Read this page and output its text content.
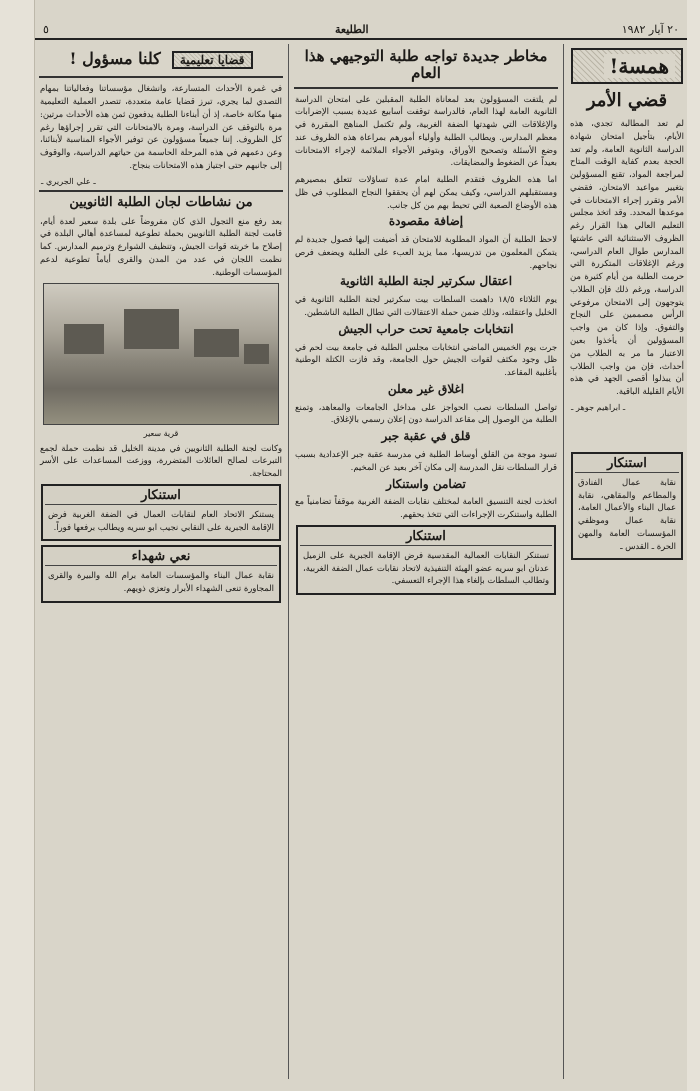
٢٠ آيار ١٩٨٢
الطليعة
٥
همسة!
قضي الأمر

لم تعد المطالبة تجدي، هذه الأيام، بتأجيل امتحان شهادة الدراسة الثانوية العامة، ولم تعد الحجة بعدم كفاية الوقت المتاح لمراجعة المواد، تقنع المسؤولين بتغيير مواعيد الامتحان، فقضي الأمر وتقرر إجراء الامتحانات في موعدها المحدد. وقد اتخذ مجلس التعليم العالي هذا القرار رغم الظروف الاستثنائية التي عاشتها المدارس طوال العام الدراسي، ورغم الإغلاقات المتكررة التي حرمت الطلبة من أيام كثيرة من الدراسة، ورغم ذلك فإن الطلاب يتوجهون إلى الامتحان مرفوعي الرأس مصممين على النجاح والتفوق. وإذا كان من واجب المسؤولين أن يأخذوا بعين الاعتبار ما مر به الطلاب من أحداث، فإن من واجب الطلاب أن يبذلوا أقصى الجهد في هذه الأيام القليلة الباقية.

ـ ابراهيم جوهر ـ

استنكار

نقابة عمال الفنادق والمطاعم والمقاهي، نقابة عمال البناء والأعمال العامة، نقابة عمال وموظفي المؤسسات العامة والمهن الحرة ـ القدس ـ

مخاطر جديدة تواجه طلبة التوجيهي هذا العام

لم يلتفت المسؤولون بعد لمعاناة الطلبة المقبلين على امتحان الدراسة الثانوية العامة لهذا العام، فالدراسة توقفت أسابيع عديدة بسبب الإضرابات والإغلاقات التي شهدتها الضفة الغربية، ولم تكتمل المناهج المقررة في معظم المدارس. ويطالب الطلبة وأولياء أمورهم بمراعاة هذه الظروف عند وضع الأسئلة وتصحيح الأوراق، وبتوفير الأجواء الملائمة لإجراء الامتحانات بعيداً عن الضغوط والمضايقات.

اما هذه الظروف فتقدم الطلبة امام عدة تساؤلات تتعلق بمصيرهم ومستقبلهم الدراسي، وكيف يمكن لهم أن يحققوا النجاح المطلوب في ظل هذه الأوضاع الصعبة التي تحيط بهم من كل جانب.

إضافة مقصودة

لاحظ الطلبة أن المواد المطلوبة للامتحان قد أضيفت إليها فصول جديدة لم يتمكن المعلمون من تدريسها، مما يزيد العبء على الطلبة ويضعف فرص نجاحهم.

اعتقال سكرتير لجنة الطلبة الثانوية

يوم الثلاثاء ١٨/٥ داهمت السلطات بيت سكرتير لجنة الطلبة الثانوية في الخليل واعتقلته، وذلك ضمن حملة الاعتقالات التي تطال الطلبة الناشطين.

انتخابات جامعية تحت حراب الجيش

جرت يوم الخميس الماضي انتخابات مجلس الطلبة في جامعة بيت لحم في ظل وجود مكثف لقوات الجيش حول الجامعة، وقد فازت الكتلة الوطنية بأغلبية المقاعد.

اغلاق غير معلن

تواصل السلطات نصب الحواجز على مداخل الجامعات والمعاهد، وتمنع الطلبة من الوصول إلى مقاعد الدراسة دون إعلان رسمي بالإغلاق.

قلق في عقبة جبر

تسود موجة من القلق أوساط الطلبة في مدرسة عقبة جبر الإعدادية بسبب قرار السلطات نقل المدرسة إلى مكان آخر بعيد عن المخيم.

تضامن واستنكار

اتخذت لجنة التنسيق العامة لمختلف نقابات الضفة الغربية موقفاً تضامنياً مع الطلبة واستنكرت الإجراءات التي تتخذ بحقهم.

استنكار

تستنكر النقابات العمالية المقدسية فرض الإقامة الجبرية على الزميل عدنان ابو سريه عضو الهيئة التنفيذية لاتحاد نقابات عمال الضفة الغربية، وتطالب السلطات بإلغاء هذا الإجراء التعسفي.

قضايا تعليمية كلنا مسؤول !

في غمرة الأحداث المتسارعة، وانشغال مؤسساتنا وفعالياتنا بمهام التصدي لما يجري، تبرز قضايا عامة متعددة، تتصدر العملية التعليمية منها مكانة خاصة، إذ أن أبناءنا الطلبة يدفعون ثمن هذه الأحداث مرتين: مرة بالتوقف عن الدراسة، ومرة بالامتحانات التي تقرر إجراؤها رغم كل الظروف. إننا جميعاً مسؤولون عن توفير الأجواء المناسبة لأبنائنا، وعن دعمهم في هذه المرحلة الحاسمة من حياتهم الدراسية، والوقوف إلى جانبهم حتى اجتياز هذه الامتحانات بنجاح.

ـ علي الجريري ـ

من نشاطات لجان الطلبة الثانويين

بعد رفع منع التجول الذي كان مفروضاً على بلدة سعير لعدة أيام، قامت لجنة الطلبة الثانويين بحملة تطوعية لمساعدة أهالي البلدة في إصلاح ما خربته قوات الجيش، وتنظيف الشوارع وترميم المدارس. كما نظمت اللجان في عدد من المدن والقرى أياماً تطوعية لدعم المؤسسات الوطنية.

قرية سعير

وكانت لجنة الطلبة الثانويين في مدينة الخليل قد نظمت حملة لجمع التبرعات لصالح العائلات المتضررة، ووزعت المساعدات على الأسر المحتاجة.

استنكار

يستنكر الاتحاد العام لنقابات العمال في الضفة الغربية فرض الإقامة الجبرية على النقابي نجيب ابو سريه ويطالب برفعها فوراً.

نعي شهداء

نقابة عمال البناء والمؤسسات العامة برام الله والبيرة والقرى المجاورة تنعى الشهداء الأبرار وتعزي ذويهم.
